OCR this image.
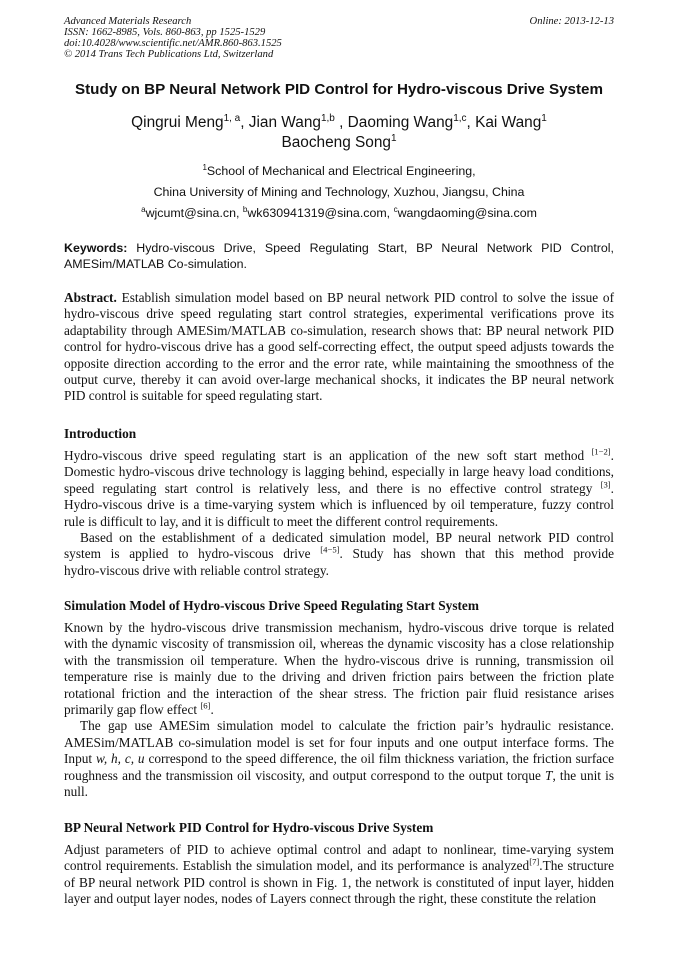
Advanced Materials Research
ISSN: 1662-8985, Vols. 860-863, pp 1525-1529
doi:10.4028/www.scientific.net/AMR.860-863.1525
© 2014 Trans Tech Publications Ltd, Switzerland
Online: 2013-12-13
Study on BP Neural Network PID Control for Hydro-viscous Drive System
Qingrui Meng$^{1, a}$, Jian Wang$^{1,b}$ , Daoming Wang$^{1,c}$, Kai Wang$^1$
Baocheng Song$^1$
$^1$School of Mechanical and Electrical Engineering,
China University of Mining and Technology, Xuzhou, Jiangsu, China
$^a$wjcumt@sina.cn, $^b$wk630941319@sina.com, $^c$wangdaoming@sina.com
Keywords: Hydro-viscous Drive, Speed Regulating Start, BP Neural Network PID Control,
AMESim/MATLAB Co-simulation.
Abstract. Establish simulation model based on BP neural network PID control to solve the issue of
hydro-viscous drive speed regulating start control strategies, experimental verifications prove its
adaptability through AMESim/MATLAB co-simulation, research shows that: BP neural network PID
control for hydro-viscous drive has a good self-correcting effect, the output speed adjusts towards the
opposite direction according to the error and the error rate, while maintaining the smoothness of the
output curve, thereby it can avoid over-large mechanical shocks, it indicates the BP neural network
PID control is suitable for speed regulating start.
Introduction
Hydro-viscous drive speed regulating start is an application of the new soft start method [1−2].
Domestic hydro-viscous drive technology is lagging behind, especially in large heavy load conditions,
speed regulating start control is relatively less, and there is no effective control strategy [3].
Hydro-viscous drive is a time-varying system which is influenced by oil temperature, fuzzy control
rule is difficult to lay, and it is difficult to meet the different control requirements.
Based on the establishment of a dedicated simulation model, BP neural network PID control
system is applied to hydro-viscous drive [4−5]. Study has shown that this method provide
hydro-viscous drive with reliable control strategy.
Simulation Model of Hydro-viscous Drive Speed Regulating Start System
Known by the hydro-viscous drive transmission mechanism, hydro-viscous drive torque is related
with the dynamic viscosity of transmission oil, whereas the dynamic viscosity has a close relationship
with the transmission oil temperature. When the hydro-viscous drive is running, transmission oil
temperature rise is mainly due to the driving and driven friction pairs between the friction plate
rotational friction and the interaction of the shear stress. The friction pair fluid resistance arises
primarily gap flow effect [6].
The gap use AMESim simulation model to calculate the friction pair’s hydraulic resistance.
AMESim/MATLAB co-simulation model is set for four inputs and one output interface forms. The
Input w, h, c, u correspond to the speed difference, the oil film thickness variation, the friction surface
roughness and the transmission oil viscosity, and output correspond to the output torque T, the unit is
null.
BP Neural Network PID Control for Hydro-viscous Drive System
Adjust parameters of PID to achieve optimal control and adapt to nonlinear, time-varying system
control requirements. Establish the simulation model, and its performance is analyzed[7].The structure
of BP neural network PID control is shown in Fig. 1, the network is constituted of input layer, hidden
layer and output layer nodes, nodes of Layers connect through the right, these constitute the relation
